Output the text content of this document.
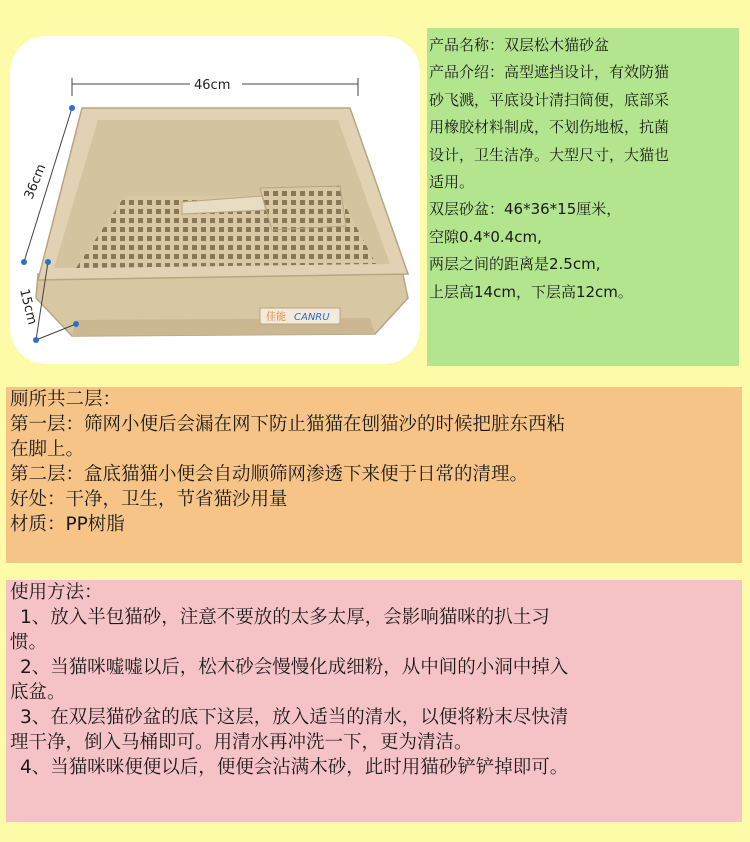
佳能 CANRU
46cm
36cm
15cm

产品名称：双层松木猫砂盆

产品介绍：高型遮挡设计，有效防猫

砂飞溅，平底设计清扫简便，底部采

用橡胶材料制成，不划伤地板，抗菌

设计，卫生洁净。大型尺寸，大猫也

适用。

双层砂盆：46*36*15厘米，

空隙0.4*0.4cm,

两层之间的距离是2.5cm,

上层高14cm，下层高12cm。

厕所共二层：

第一层：筛网小便后会漏在网下防止猫猫在刨猫沙的时候把脏东西粘

在脚上。

第二层：盒底猫猫小便会自动顺筛网渗透下来便于日常的清理。

好处：干净，卫生，节省猫沙用量

材质：PP树脂

使用方法：

1、放入半包猫砂，注意不要放的太多太厚，会影响猫咪的扒土习

惯。

2、当猫咪嘘嘘以后，松木砂会慢慢化成细粉，从中间的小洞中掉入

底盆。

3、在双层猫砂盆的底下这层，放入适当的清水，以便将粉末尽快清

理干净，倒入马桶即可。用清水再冲洗一下，更为清洁。

4、当猫咪咪便便以后，便便会沾满木砂，此时用猫砂铲铲掉即可。
